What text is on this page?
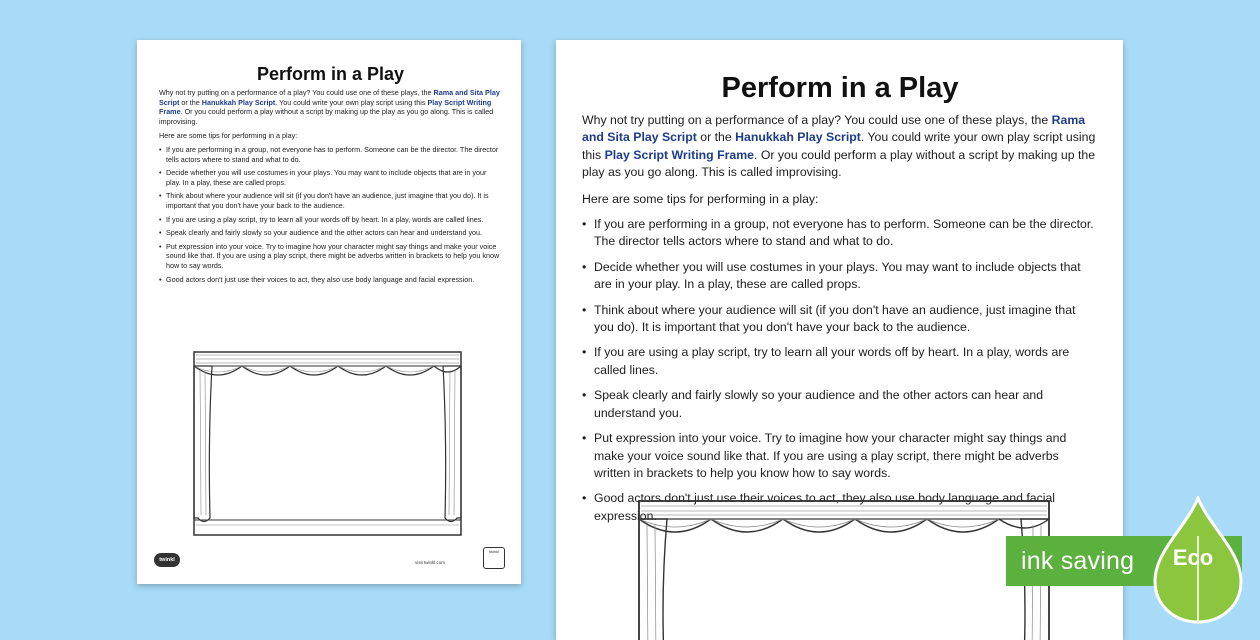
Perform in a Play

Why not try putting on a performance of a play? You could use one of these plays, the Rama and Sita Play Script or the Hanukkah Play Script. You could write your own play script using this Play Script Writing Frame. Or you could perform a play without a script by making up the play as you go along. This is called improvising.

Here are some tips for performing in a play:

• If you are performing in a group, not everyone has to perform. Someone can be the director. The director tells actors where to stand and what to do.
• Decide whether you will use costumes in your plays. You may want to include objects that are in your play. In a play, these are called props.
• Think about where your audience will sit (if you don't have an audience, just imagine that you do). It is important that you don't have your back to the audience.
• If you are using a play script, try to learn all your words off by heart. In a play, words are called lines.
• Speak clearly and fairly slowly so your audience and the other actors can hear and understand you.
• Put expression into your voice. Try to imagine how your character might say things and make your voice sound like that. If you are using a play script, there might be adverbs written in brackets to help you know how to say words.
• Good actors don't just use their voices to act, they also use body language and facial expression.
twinkl	visit twinkl.com
twinkl
Perform in a Play

Why not try putting on a performance of a play? You could use one of these plays, the Rama and Sita Play Script or the Hanukkah Play Script. You could write your own play script using this Play Script Writing Frame. Or you could perform a play without a script by making up the play as you go along. This is called improvising.

Here are some tips for performing in a play:

• If you are performing in a group, not everyone has to perform. Someone can be the director. The director tells actors where to stand and what to do.
• Decide whether you will use costumes in your plays. You may want to include objects that are in your play. In a play, these are called props.
• Think about where your audience will sit (if you don't have an audience, just imagine that you do). It is important that you don't have your back to the audience.
• If you are using a play script, try to learn all your words off by heart. In a play, words are called lines.
• Speak clearly and fairly slowly so your audience and the other actors can hear and understand you.
• Put expression into your voice. Try to imagine how your character might say things and make your voice sound like that. If you are using a play script, there might be adverbs written in brackets to help you know how to say words.
• Good actors don't just use their voices to act, they also use body language and facial expression.
ink saving Eco
